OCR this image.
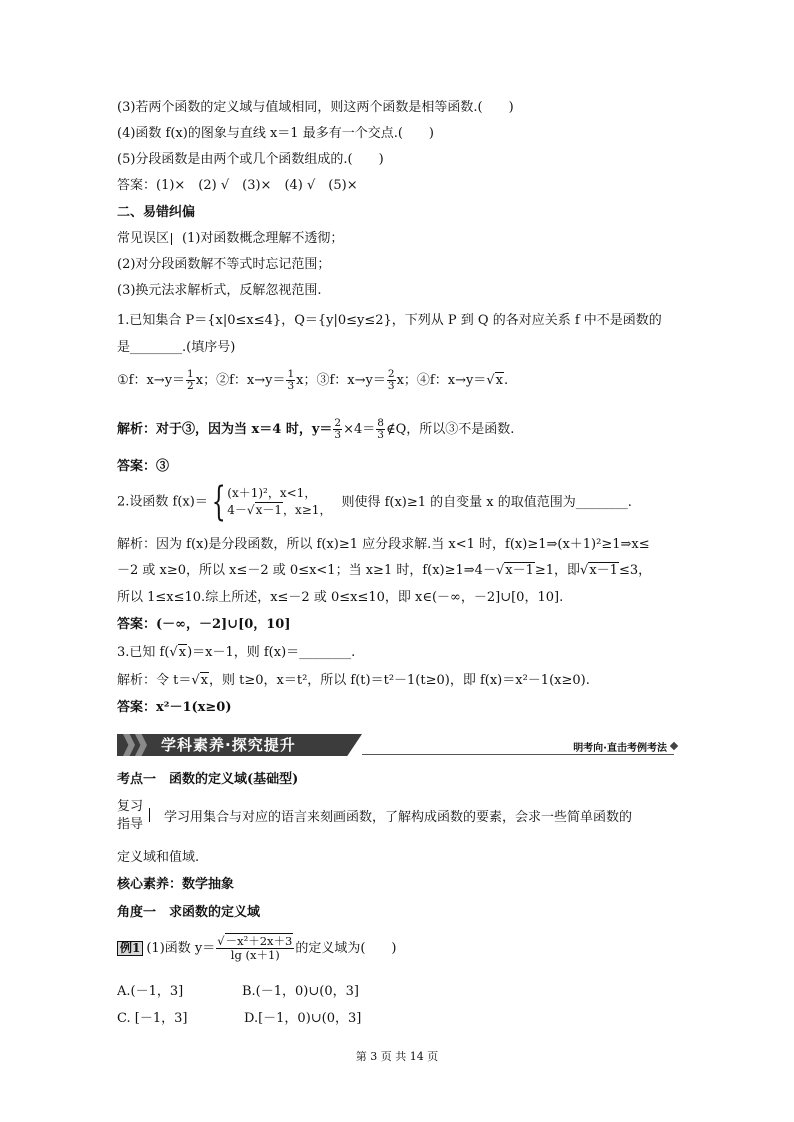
(3)若两个函数的定义域与值域相同，则这两个函数是相等函数.(　　)
(4)函数 f(x)的图象与直线 x＝1 最多有一个交点.(　　)
(5)分段函数是由两个或几个函数组成的.(　　)
答案：(1)×　(2) √　(3)×　(4) √　(5)×
二、易错纠偏
常见误区 (1)对函数概念理解不透彻；
(2)对分段函数解不等式时忘记范围；
(3)换元法求解析式，反解忽视范围.
1.已知集合 P＝{x|0≤x≤4}，Q＝{y|0≤y≤2}，下列从 P 到 Q 的各对应关系 f 中不是函数的
是________.(填序号)
①f：$x\to y= \frac{1}{2}$ x；②f：$x\to y= \frac{1}{3}$ x；③f：$x\to y= \frac{2}{3}$ x；④f：x→y＝√x.
解析：对于③，因为当 x＝4 时，$y= \frac{2}{3} \times 4= \frac{8}{3}$ ∉Q，所以③不是函数.
答案：③
2.设函数 f(x)＝{ (x＋1)²，x<1，
4－√x－1，x≥1，
则使得 f(x)≥1 的自变量 x 的取值范围为________.
解析：因为 f(x)是分段函数，所以 f(x)≥1 应分段求解.当 x<1 时，f(x)≥1⇒(x＋1)²≥1⇒x≤
－2 或 x≥0，所以 x≤－2 或 0≤x<1；当 x≥1 时，f(x)≥1⇒4－√x－1≥1，即√x－1≤3，
所以 1≤x≤10.综上所述，x≤－2 或 0≤x≤10，即 x∈(－∞，－2]∪[0，10].
答案：(－∞，－2]∪[0，10]
3.已知 f(√x)＝x－1，则 f(x)＝________.
解析：令 t＝√x，则 t≥0，x＝t²，所以 f(t)＝t²－1(t≥0)，即 f(x)＝x²－1(x≥0).
答案：x²－1(x≥0)
学科素养·探究提升	明考向·直击考例考法
考点一　函数的定义域(基础型)
复习
指导 学习用集合与对应的语言来刻画函数，了解构成函数的要素，会求一些简单函数的
定义域和值域.
核心素养：数学抽象
角度一　求函数的定义域
例1 (1)函数 $y= \frac{\text{√－x²＋2x＋3}}{\lg (x+1)}$ 的定义域为(　　)
A.(－1，3]	B.(－1，0)∪(0，3]
C. [－1，3]	D.[－1，0)∪(0，3]
第 3 页 共 14 页
